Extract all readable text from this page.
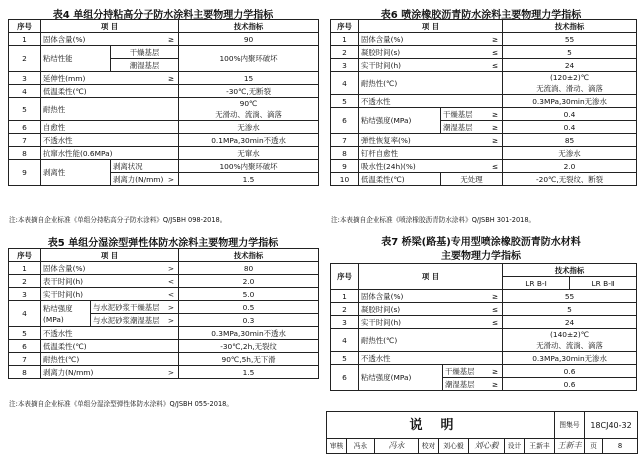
表4 单组分持粘高分子防水涂料主要物理力学指标
序号	项 目		技术指标
1	固体含量(%) ≥		90
2	粘结性能	干燥基层	100%内聚环破坏
		潮湿基层	
3	延伸性(mm) ≥		15
4	低温柔性(℃)		-30℃,无断裂
5	耐热性		90℃
无滑动、流淌、滴落

6	自愈性		无渗水
7	不透水性		0.1MPa,30min不透水
8	抗窜水性能(0.6MPa)		无窜水
9	剥离性	剥离状况	100%内聚环破坏
		剥离力(N/mm) >	1.5
注:本表摘自企业标准《单组分持粘高分子防水涂料》Q/JSBH 098-2018。
表5 单组分湿涂型弹性体防水涂料主要物理力学指标
序号	项 目		技术指标
1	固体含量(%) >		80
2	表干时间(h) <		2.0
3	实干时间(h) <		5.0
4	粘结强度
(MPa)	与水泥砂浆干燥基层 >	0.5
		与水泥砂浆潮湿基层 >	0.3
5	不透水性		0.3MPa,30min不透水
6	低温柔性(℃)		-30℃,2h,无裂纹
7	耐热性(℃)		90℃,5h,无下滑
8	剥离力(N/mm) >		1.5
注:本表摘自企业标准《单组分湿涂型弹性体防水涂料》Q/JSBH 055-2018。
表6 喷涂橡胶沥青防水涂料主要物理力学指标
序号	项 目		技术指标
1	固体含量(%) ≥		55
2	凝胶时间(s) ≤		5
3	实干时间(h) ≤		24
4	耐热性(℃)		(120±2)℃
无流淌、滑动、滴落

5	不透水性		0.3MPa,30min无渗水
6	粘结强度(MPa)	干燥基层 ≥	0.4
		潮湿基层 ≥	0.4
7	弹性恢复率(%) ≥		85
8	钉杆自愈性		无渗水
9	吸水性(24h)(%) ≤		2.0
10	低温柔性(℃)	无处理	-20℃,无裂纹、断裂
注:本表摘自企业标准《喷涂橡胶沥青防水涂料》Q/JSBH 301-2018。
表7 桥梁(路基)专用型喷涂橡胶沥青防水材料
主要物理力学指标
序号	项 目		技术指标	
			LR B-Ⅰ	LR B-Ⅱ
1	固体含量(%) ≥		55	
2	凝胶时间(s) ≤		5	
3	实干时间(h) ≤		24	
4	耐热性(℃)		(140±2)℃
无滑动、流淌、滴落	

5	不透水性		0.3MPa,30min无渗水	
6	粘结强度(MPa)	干燥基层 ≥	0.6	
		潮湿基层 ≥	0.6	
说明	图集号	18CJ40-32
审核	冯永	冯永	校对	刘心毅	刘心毅	设计	王新丰 王新丰	页	8
